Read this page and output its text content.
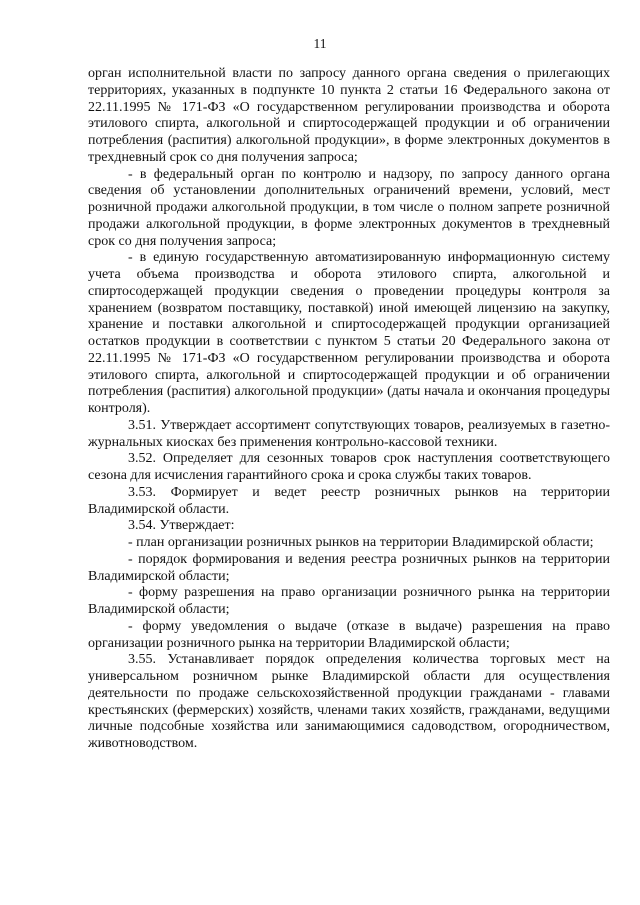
11

орган исполнительной власти по запросу данного органа сведения о прилегающих территориях, указанных в подпункте 10 пункта 2 статьи 16 Федерального закона от 22.11.1995 № 171-ФЗ «О государственном регулировании производства и оборота этилового спирта, алкогольной и спиртосодержащей продукции и об ограничении потребления (распития) алкогольной продукции», в форме электронных документов в трехдневный срок со дня получения запроса;

- в федеральный орган по контролю и надзору, по запросу данного органа сведения об установлении дополнительных ограничений времени, условий, мест розничной продажи алкогольной продукции, в том числе о полном запрете розничной продажи алкогольной продукции, в форме электронных документов в трехдневный срок со дня получения запроса;

- в единую государственную автоматизированную информационную систему учета объема производства и оборота этилового спирта, алкогольной и спиртосодержащей продукции сведения о проведении процедуры контроля за хранением (возвратом поставщику, поставкой) иной имеющей лицензию на закупку, хранение и поставки алкогольной и спиртосодержащей продукции организацией остатков продукции в соответствии с пунктом 5 статьи 20 Федерального закона от 22.11.1995 № 171-ФЗ «О государственном регулировании производства и оборота этилового спирта, алкогольной и спиртосодержащей продукции и об ограничении потребления (распития) алкогольной продукции» (даты начала и окончания процедуры контроля).

3.51. Утверждает ассортимент сопутствующих товаров, реализуемых в газетно-журнальных киосках без применения контрольно-кассовой техники.

3.52. Определяет для сезонных товаров срок наступления соответствующего сезона для исчисления гарантийного срока и срока службы таких товаров.

3.53. Формирует и ведет реестр розничных рынков на территории Владимирской области.

3.54. Утверждает:

- план организации розничных рынков на территории Владимирской области;

- порядок формирования и ведения реестра розничных рынков на территории Владимирской области;

- форму разрешения на право организации розничного рынка на территории Владимирской области;

- форму уведомления о выдаче (отказе в выдаче) разрешения на право организации розничного рынка на территории Владимирской области;

3.55. Устанавливает порядок определения количества торговых мест на универсальном розничном рынке Владимирской области для осуществления деятельности по продаже сельскохозяйственной продукции гражданами - главами крестьянских (фермерских) хозяйств, членами таких хозяйств, гражданами, ведущими личные подсобные хозяйства или занимающимися садоводством, огородничеством, животноводством.
